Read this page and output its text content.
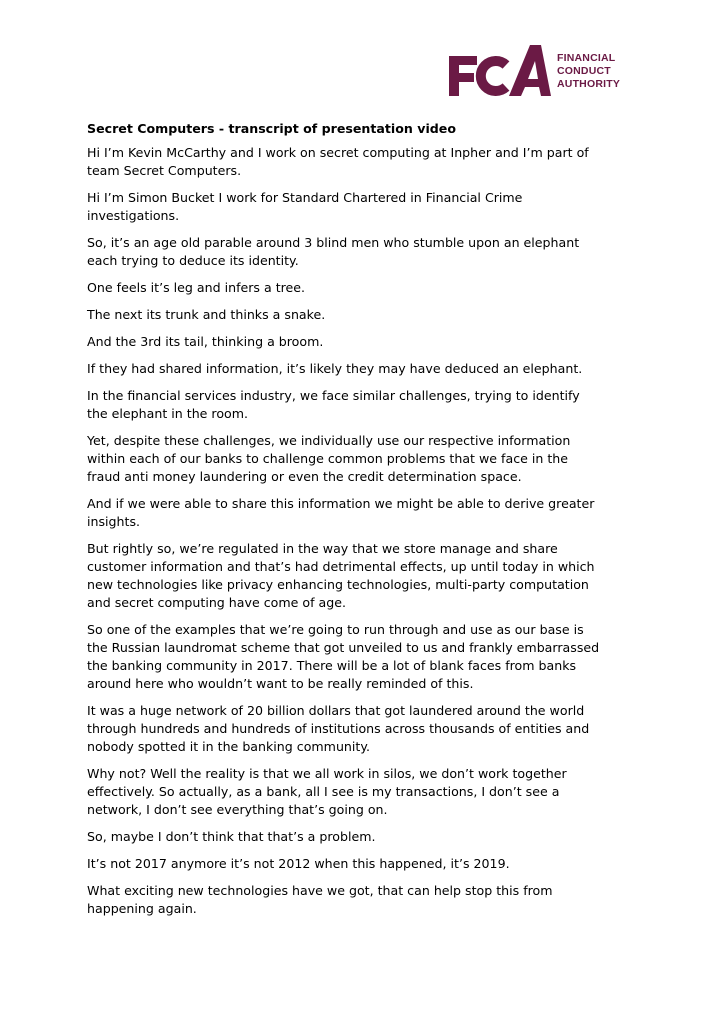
FINANCIAL
CONDUCT
AUTHORITY
Secret Computers - transcript of presentation video
Hi I’m Kevin McCarthy and I work on secret computing at Inpher and I’m part of
team Secret Computers.
Hi I’m Simon Bucket I work for Standard Chartered in Financial Crime
investigations.
So, it’s an age old parable around 3 blind men who stumble upon an elephant
each trying to deduce its identity.
One feels it’s leg and infers a tree.
The next its trunk and thinks a snake.
And the 3rd its tail, thinking a broom.
If they had shared information, it’s likely they may have deduced an elephant.
In the financial services industry, we face similar challenges, trying to identify
the elephant in the room.
Yet, despite these challenges, we individually use our respective information
within each of our banks to challenge common problems that we face in the
fraud anti money laundering or even the credit determination space.
And if we were able to share this information we might be able to derive greater
insights.
But rightly so, we’re regulated in the way that we store manage and share
customer information and that’s had detrimental effects, up until today in which
new technologies like privacy enhancing technologies, multi-party computation
and secret computing have come of age.
So one of the examples that we’re going to run through and use as our base is
the Russian laundromat scheme that got unveiled to us and frankly embarrassed
the banking community in 2017. There will be a lot of blank faces from banks
around here who wouldn’t want to be really reminded of this.
It was a huge network of 20 billion dollars that got laundered around the world
through hundreds and hundreds of institutions across thousands of entities and
nobody spotted it in the banking community.
Why not? Well the reality is that we all work in silos, we don’t work together
effectively. So actually, as a bank, all I see is my transactions, I don’t see a
network, I don’t see everything that’s going on.
So, maybe I don’t think that that’s a problem.
It’s not 2017 anymore it’s not 2012 when this happened, it’s 2019.
What exciting new technologies have we got, that can help stop this from
happening again.
